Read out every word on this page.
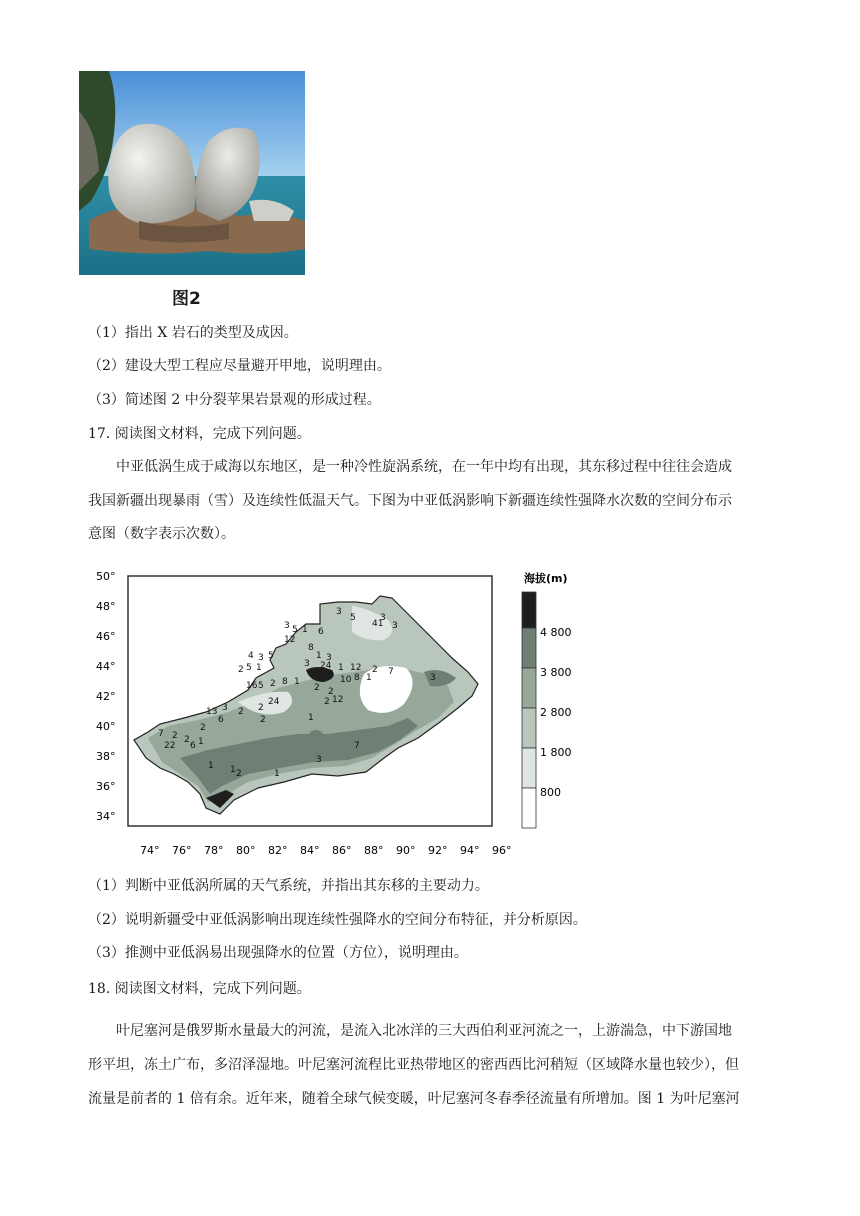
图2
（1）指出 X 岩石的类型及成因。
（2）建设大型工程应尽量避开甲地，说明理由。
（3）简述图 2 中分裂苹果岩景观的形成过程。
17. 阅读图文材料，完成下列问题。
中亚低涡生成于咸海以东地区，是一种冷性旋涡系统，在一年中均有出现，其东移过程中往往会造成
我国新疆出现暴雨（雪）及连续性低温天气。下图为中亚低涡影响下新疆连续性强降水次数的空间分布示
意图（数字表示次数）。
50°
48°
46°
44°
42°
40°
38°
36°
34°
74° 76° 78° 80° 82° 84° 86° 88° 90° 92° 94° 96°
3
5
41
6
3
3
3 5
12
1
8
1 3
4 3 5
2 5 1	3 24 1 12 2 7
16 5 2 8 1	10 8 1	3
2 2
12
2
13 3 2
24
6
2
2
7 2 2
6 1
22
2
1 1 2	1
1
3
7
海拔(m)
4 800
3 800
2 800
1 800
800
（1）判断中亚低涡所属的天气系统，并指出其东移的主要动力。
（2）说明新疆受中亚低涡影响出现连续性强降水的空间分布特征，并分析原因。
（3）推测中亚低涡易出现强降水的位置（方位），说明理由。
18. 阅读图文材料，完成下列问题。
叶尼塞河是俄罗斯水量最大的河流，是流入北冰洋的三大西伯利亚河流之一，上游湍急，中下游国地
形平坦，冻土广布，多沼泽湿地。叶尼塞河流程比亚热带地区的密西西比河稍短（区域降水量也较少），但
流量是前者的 1 倍有余。近年来，随着全球气候变暖，叶尼塞河冬春季径流量有所增加。图 1 为叶尼塞河
